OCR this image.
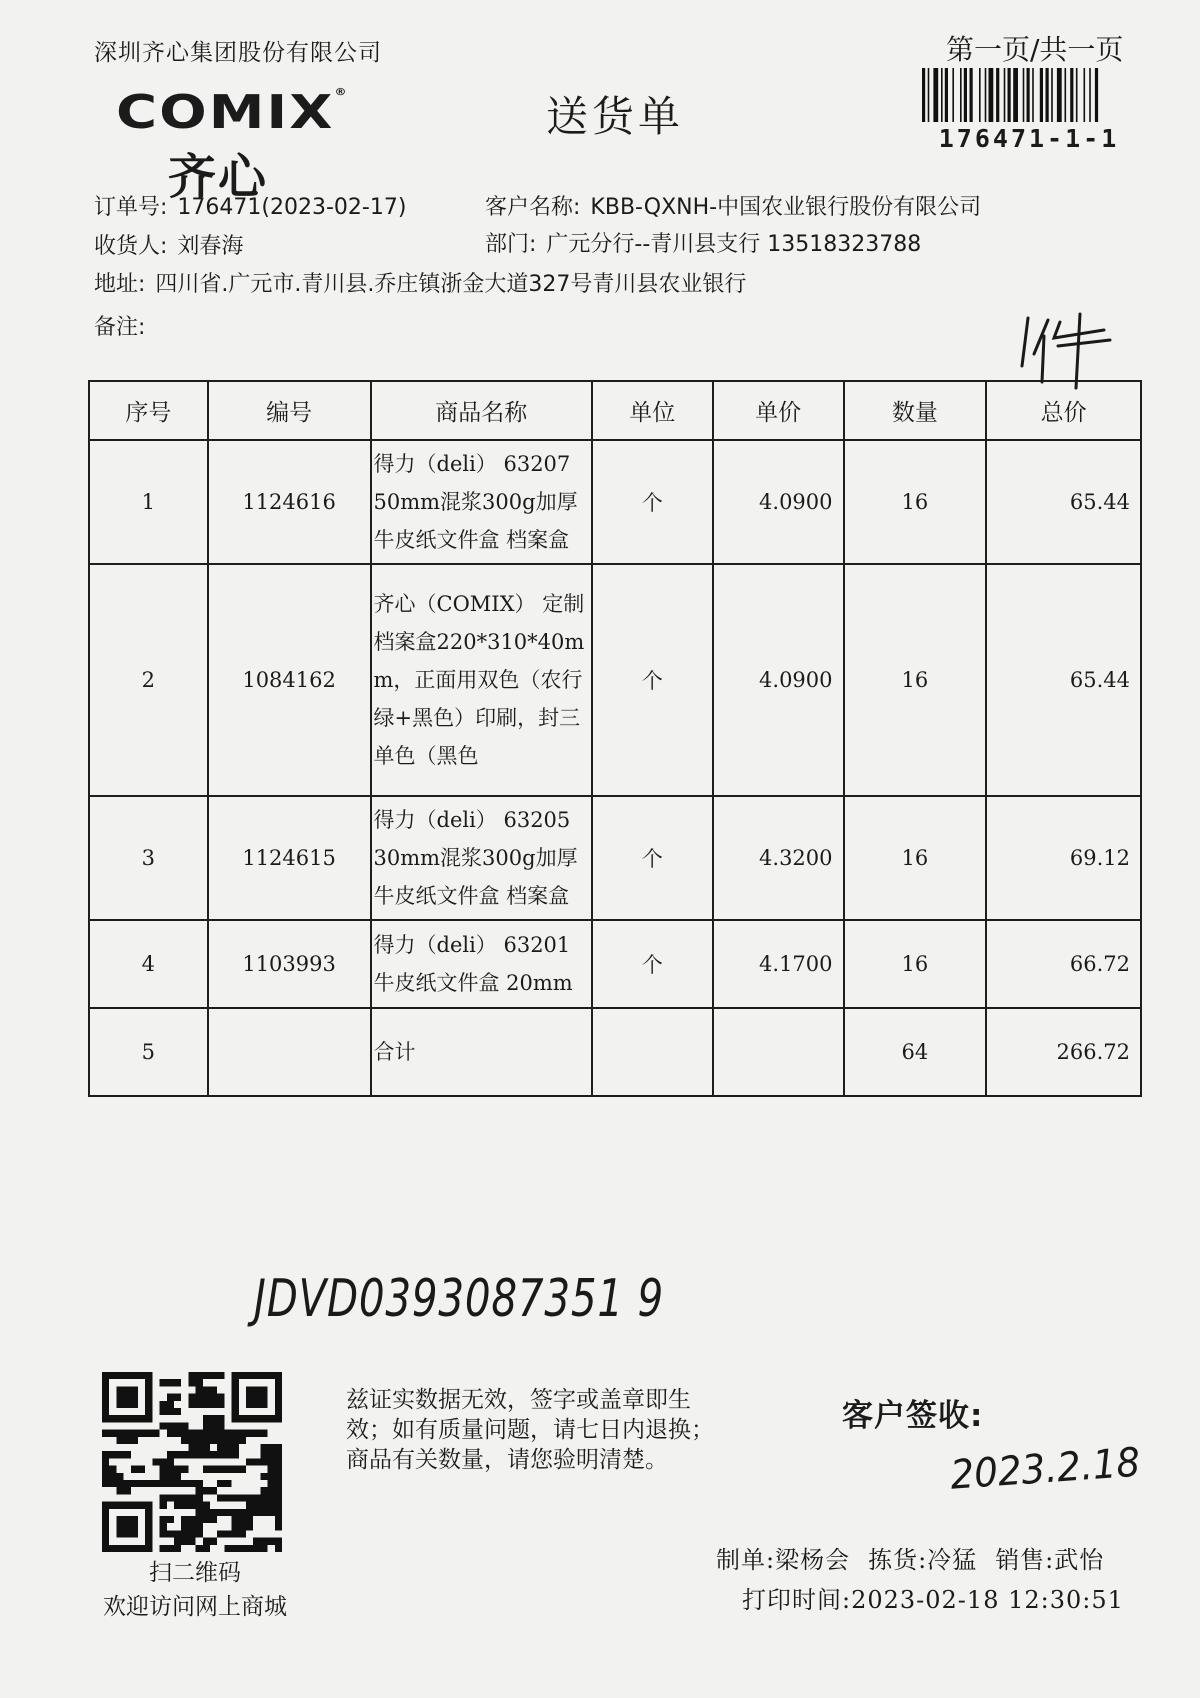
深圳齐心集团股份有限公司	第一页/共一页
176471-1-1
COMIX®
齐心
送货单
订单号: 176471(2023-02-17)	客户名称: KBB-QXNH-中国农业银行股份有限公司
收货人: 刘春海	部门: 广元分行--青川县支行 13518323788
地址: 四川省.广元市.青川县.乔庄镇浙金大道327号青川县农业银行
备注:
序号	编号	商品名称	单位	单价	数量	总价
1	1124616	得力（deli） 63207 50mm混浆300g加厚牛皮纸文件盒 档案盒	个	4.0900	16	65.44
2	1084162	齐心（COMIX） 定制档案盒220*310*40mm，正面用双色（农行绿+黑色）印刷，封三单色（黑色	个	4.0900	16	65.44
3	1124615	得力（deli） 63205 30mm混浆300g加厚牛皮纸文件盒 档案盒	个	4.3200	16	69.12
4	1103993	得力（deli） 63201 牛皮纸文件盒 20mm	个	4.1700	16	66.72
5		合计			64	266.72
JDVD0393087351 9
扫二维码
欢迎访问网上商城
兹证实数据无效，签字或盖章即生
效；如有质量问题，请七日内退换；
商品有关数量，请您验明清楚。
客户签收:
2023.2.18
制单:梁杨会 拣货:冷猛 销售:武怡
打印时间:2023-02-18 12:30:51
